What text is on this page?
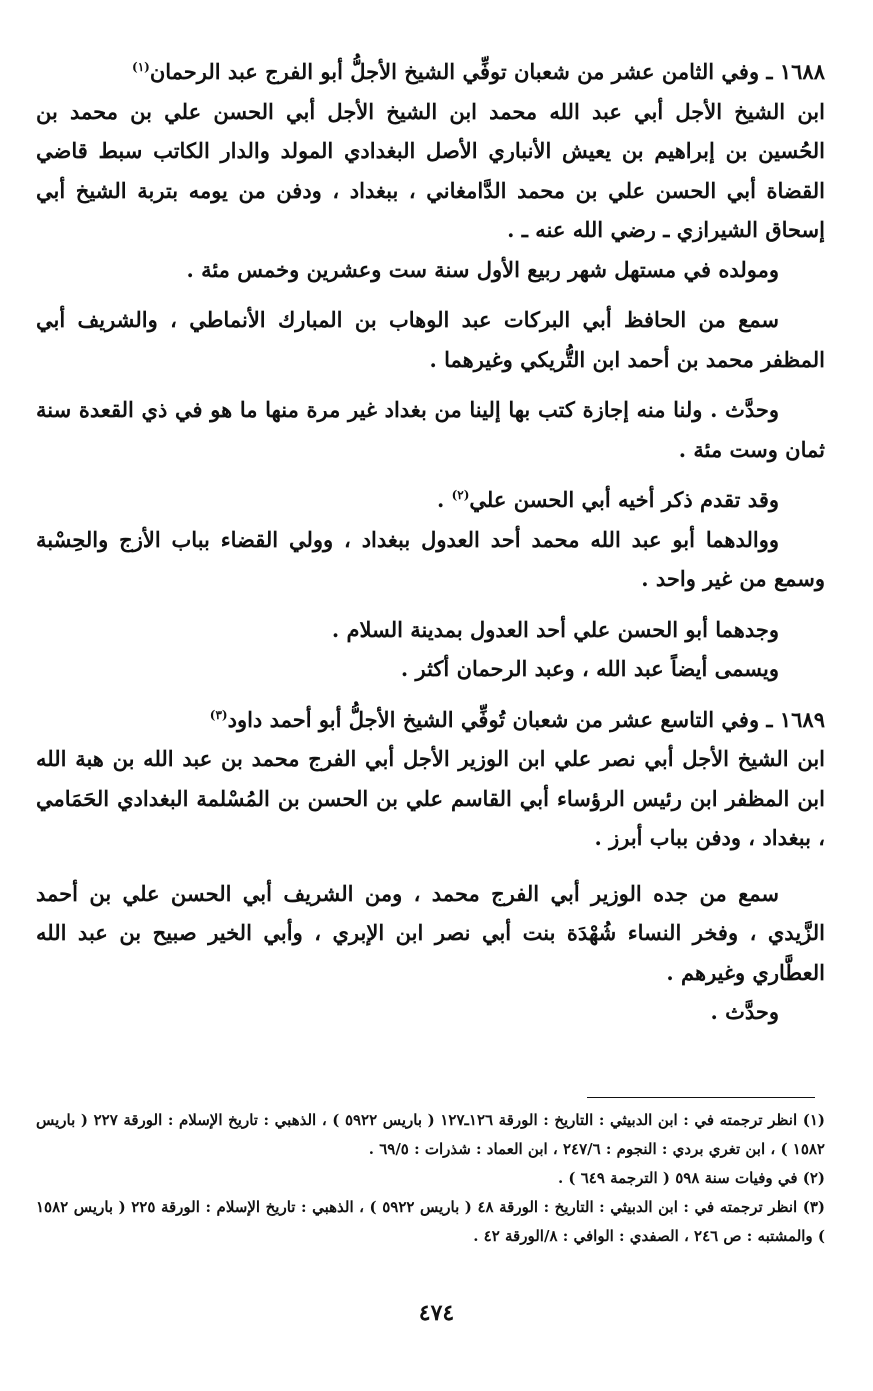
١٦٨٨ ـ وفي الثامن عشر من شعبان توفِّي الشيخ الأجلُّ أبو الفرج عبد الرحمان$^{(١)}$

ابن الشيخ الأجل أبي عبد الله محمد ابن الشيخ الأجل أبي الحسن علي بن محمد بن الحُسين بن إبراهيم بن يعيش الأنباري الأصل البغدادي المولد والدار الكاتب سبط قاضي القضاة أبي الحسن علي بن محمد الدَّامغاني ، ببغداد ، ودفن من يومه بتربة الشيخ أبي إسحاق الشيرازي ـ رضي الله عنه ـ .

ومولده في مستهل شهر ربيع الأول سنة ست وعشرين وخمس مئة .

سمع من الحافظ أبي البركات عبد الوهاب بن المبارك الأنماطي ، والشريف أبي المظفر محمد بن أحمد ابن التُّريكي وغيرهما .

وحدَّث . ولنا منه إجازة كتب بها إلينا من بغداد غير مرة منها ما هو في ذي القعدة سنة ثمان وست مئة .

وقد تقدم ذكر أخيه أبي الحسن علي$^{(٢)}$ .

ووالدهما أبو عبد الله محمد أحد العدول ببغداد ، وولي القضاء بباب الأزج والحِسْبة وسمع من غير واحد .

وجدهما أبو الحسن علي أحد العدول بمدينة السلام .

ويسمى أيضاً عبد الله ، وعبد الرحمان أكثر .

١٦٨٩ ـ وفي التاسع عشر من شعبان تُوفِّي الشيخ الأجلُّ أبو أحمد داود$^{(٣)}$

ابن الشيخ الأجل أبي نصر علي ابن الوزير الأجل أبي الفرج محمد بن عبد الله بن هبة الله ابن المظفر ابن رئيس الرؤساء أبي القاسم علي بن الحسن بن المُسْلمة البغدادي الحَمَامي ، ببغداد ، ودفن بباب أبرز .

سمع من جده الوزير أبي الفرج محمد ، ومن الشريف أبي الحسن علي بن أحمد الزَّيدي ، وفخر النساء شُهْدَة بنت أبي نصر ابن الإبري ، وأبي الخير صبيح بن عبد الله العطَّاري وغيرهم .

وحدَّث .

(١) انظر ترجمته في : ابن الدبيثي : التاريخ : الورقة ١٢٦ـ١٢٧ ( باريس ٥٩٢٢ ) ، الذهبي : تاريخ الإسلام : الورقة ٢٢٧ ( باريس ١٥٨٢ ) ، ابن تغري بردي : النجوم : ٢٤٧/٦ ، ابن العماد : شذرات : ٦٩/٥ .

(٢) في وفيات سنة ٥٩٨ ( الترجمة ٦٤٩ ) .

(٣) انظر ترجمته في : ابن الدبيثي : التاريخ : الورقة ٤٨ ( باريس ٥٩٢٢ ) ، الذهبي : تاريخ الإسلام : الورقة ٢٢٥ ( باريس ١٥٨٢ ) والمشتبه : ص ٢٤٦ ، الصفدي : الوافي : ٨/الورقة ٤٢ .

٤٧٤
